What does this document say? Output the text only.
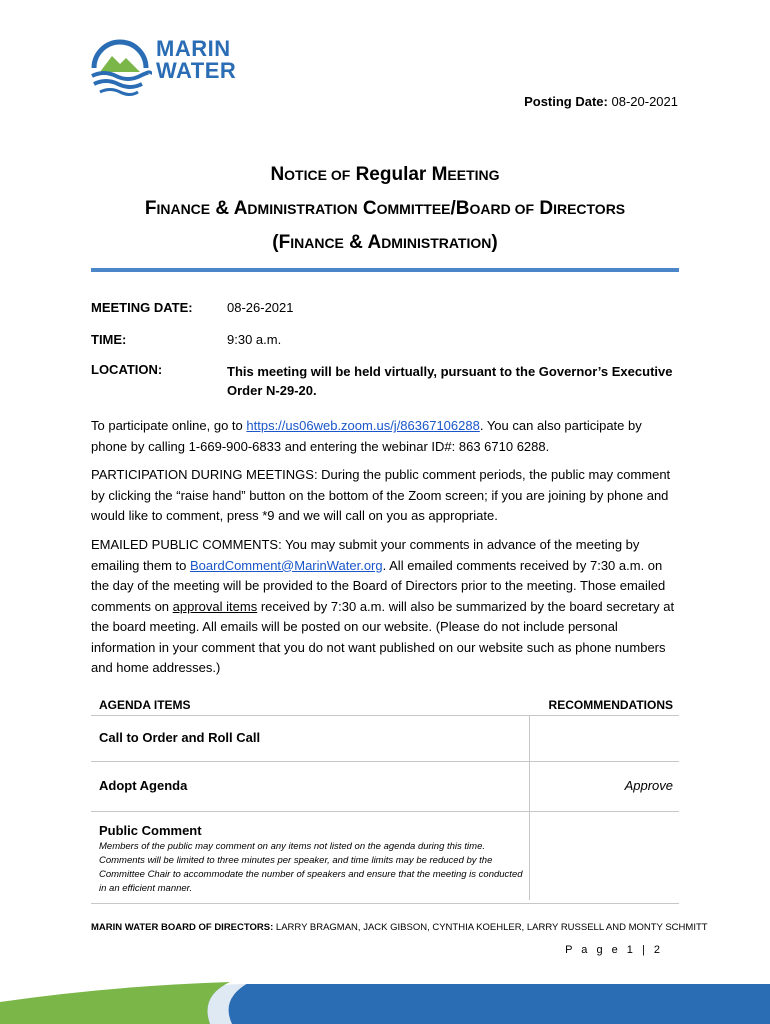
MARIN
WATER
Posting Date: 08-20-2021
NOTICE OF Regular MEETING
FINANCE & ADMINISTRATION COMMITTEE/BOARD OF DIRECTORS
(FINANCE & ADMINISTRATION)
MEETING DATE:	08-26-2021
TIME:	9:30 a.m.
LOCATION:	This meeting will be held virtually, pursuant to the Governor’s Executive Order N-29-20.
To participate online, go to https://us06web.zoom.us/j/86367106288. You can also participate by phone by calling 1-669-900-6833 and entering the webinar ID#: 863 6710 6288.
PARTICIPATION DURING MEETINGS: During the public comment periods, the public may comment by clicking the “raise hand” button on the bottom of the Zoom screen; if you are joining by phone and would like to comment, press *9 and we will call on you as appropriate.
EMAILED PUBLIC COMMENTS: You may submit your comments in advance of the meeting by emailing them to BoardComment@MarinWater.org. All emailed comments received by 7:30 a.m. on the day of the meeting will be provided to the Board of Directors prior to the meeting. Those emailed comments on approval items received by 7:30 a.m. will also be summarized by the board secretary at the board meeting. All emails will be posted on our website. (Please do not include personal information in your comment that you do not want published on our website such as phone numbers and home addresses.)
AGENDA ITEMS	RECOMMENDATIONS
Call to Order and Roll Call
Adopt Agenda	Approve
Public Comment
Members of the public may comment on any items not listed on the agenda during this time. Comments will be limited to three minutes per speaker, and time limits may be reduced by the Committee Chair to accommodate the number of speakers and ensure that the meeting is conducted in an efficient manner.
MARIN WATER BOARD OF DIRECTORS: LARRY BRAGMAN, JACK GIBSON, CYNTHIA KOEHLER, LARRY RUSSELL AND MONTY SCHMITT
P a g e 1 | 2
